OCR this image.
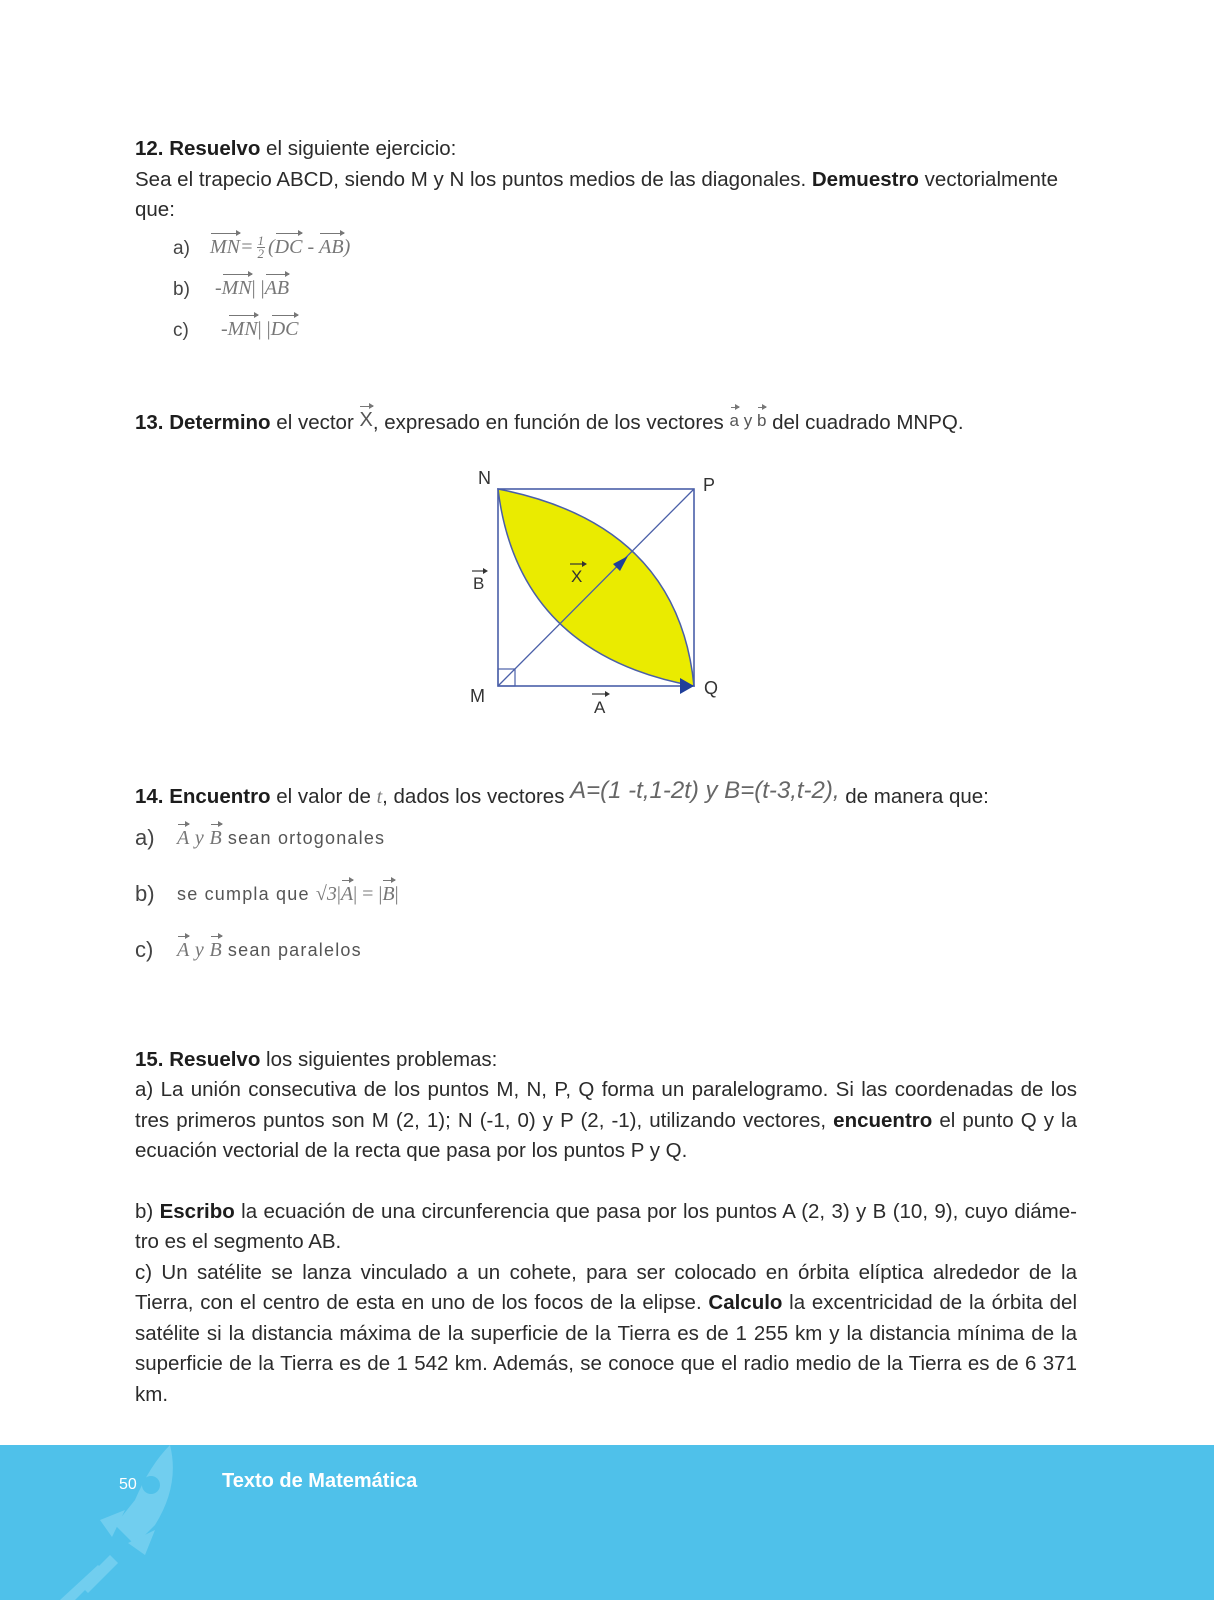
12. Resuelvo el siguiente ejercicio:

Sea el trapecio ABCD, siendo M y N los puntos medios de las diagonales. Demuestro vectorialmente que:

a) $MN= \frac{1}{2} (DC - AB)$
b) -MN| |AB
c) -MN| |DC

13. Determino el vector X, expresado en función de los vectores a y b del cuadrado MNPQ.

N	P
M	Q
A
B	X

14. Encuentro el valor de t, dados los vectores A=(1 -t,1-2t) y B=(t-3,t-2), de manera que:

a) A y B sean ortogonales
b) se cumpla que √3|A| = |B|
c) A y B sean paralelos

15. Resuelvo los siguientes problemas:

a) La unión consecutiva de los puntos M, N, P, Q forma un paralelogramo. Si las coordenadas de los tres primeros puntos son M (2, 1); N (-1, 0) y P (2, -1), utilizando vectores, encuentro el punto Q y la ecuación vectorial de la recta que pasa por los puntos P y Q.

b) Escribo la ecuación de una circunferencia que pasa por los puntos A (2, 3) y B (10, 9), cuyo diáme-tro es el segmento AB.

c) Un satélite se lanza vinculado a un cohete, para ser colocado en órbita elíptica alrededor de la Tierra, con el centro de esta en uno de los focos de la elipse. Calculo la excentricidad de la órbita del satélite si la distancia máxima de la superficie de la Tierra es de 1 255 km y la distancia mínima de la superficie de la Tierra es de 1 542 km. Además, se conoce que el radio medio de la Tierra es de 6 371 km.

50	Texto de Matemática
